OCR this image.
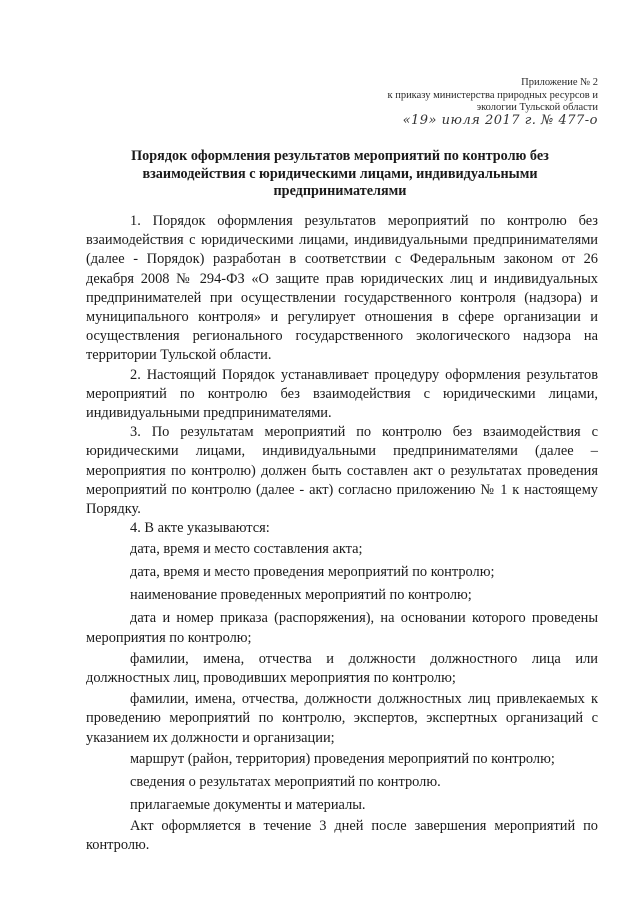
Приложение № 2
к приказу министерства природных ресурсов и
экологии Тульской области
«19» июля 2017 г. № 477-о
Порядок оформления результатов мероприятий по контролю без взаимодействия с юридическими лицами, индивидуальными предпринимателями

1. Порядок оформления результатов мероприятий по контролю без взаимодействия с юридическими лицами, индивидуальными предпринимателями (далее - Порядок) разработан в соответствии с Федеральным законом от 26 декабря 2008 № 294-ФЗ «О защите прав юридических лиц и индивидуальных предпринимателей при осуществлении государственного контроля (надзора) и муниципального контроля» и регулирует отношения в сфере организации и осуществления регионального государственного экологического надзора на территории Тульской области.

2. Настоящий Порядок устанавливает процедуру оформления результатов мероприятий по контролю без взаимодействия с юридическими лицами, индивидуальными предпринимателями.

3. По результатам мероприятий по контролю без взаимодействия с юридическими лицами, индивидуальными предпринимателями (далее – мероприятия по контролю) должен быть составлен акт о результатах проведения мероприятий по контролю (далее - акт) согласно приложению № 1 к настоящему Порядку.

4. В акте указываются:

дата, время и место составления акта;
дата, время и место проведения мероприятий по контролю;
наименование проведенных мероприятий по контролю;
дата и номер приказа (распоряжения), на основании которого проведены мероприятия по контролю;
фамилии, имена, отчества и должности должностного лица или должностных лиц, проводивших мероприятия по контролю;
фамилии, имена, отчества, должности должностных лиц привлекаемых к проведению мероприятий по контролю, экспертов, экспертных организаций с указанием их должности и организации;
маршрут (район, территория) проведения мероприятий по контролю;
сведения о результатах мероприятий по контролю.
прилагаемые документы и материалы.
Акт оформляется в течение 3 дней после завершения мероприятий по контролю.
